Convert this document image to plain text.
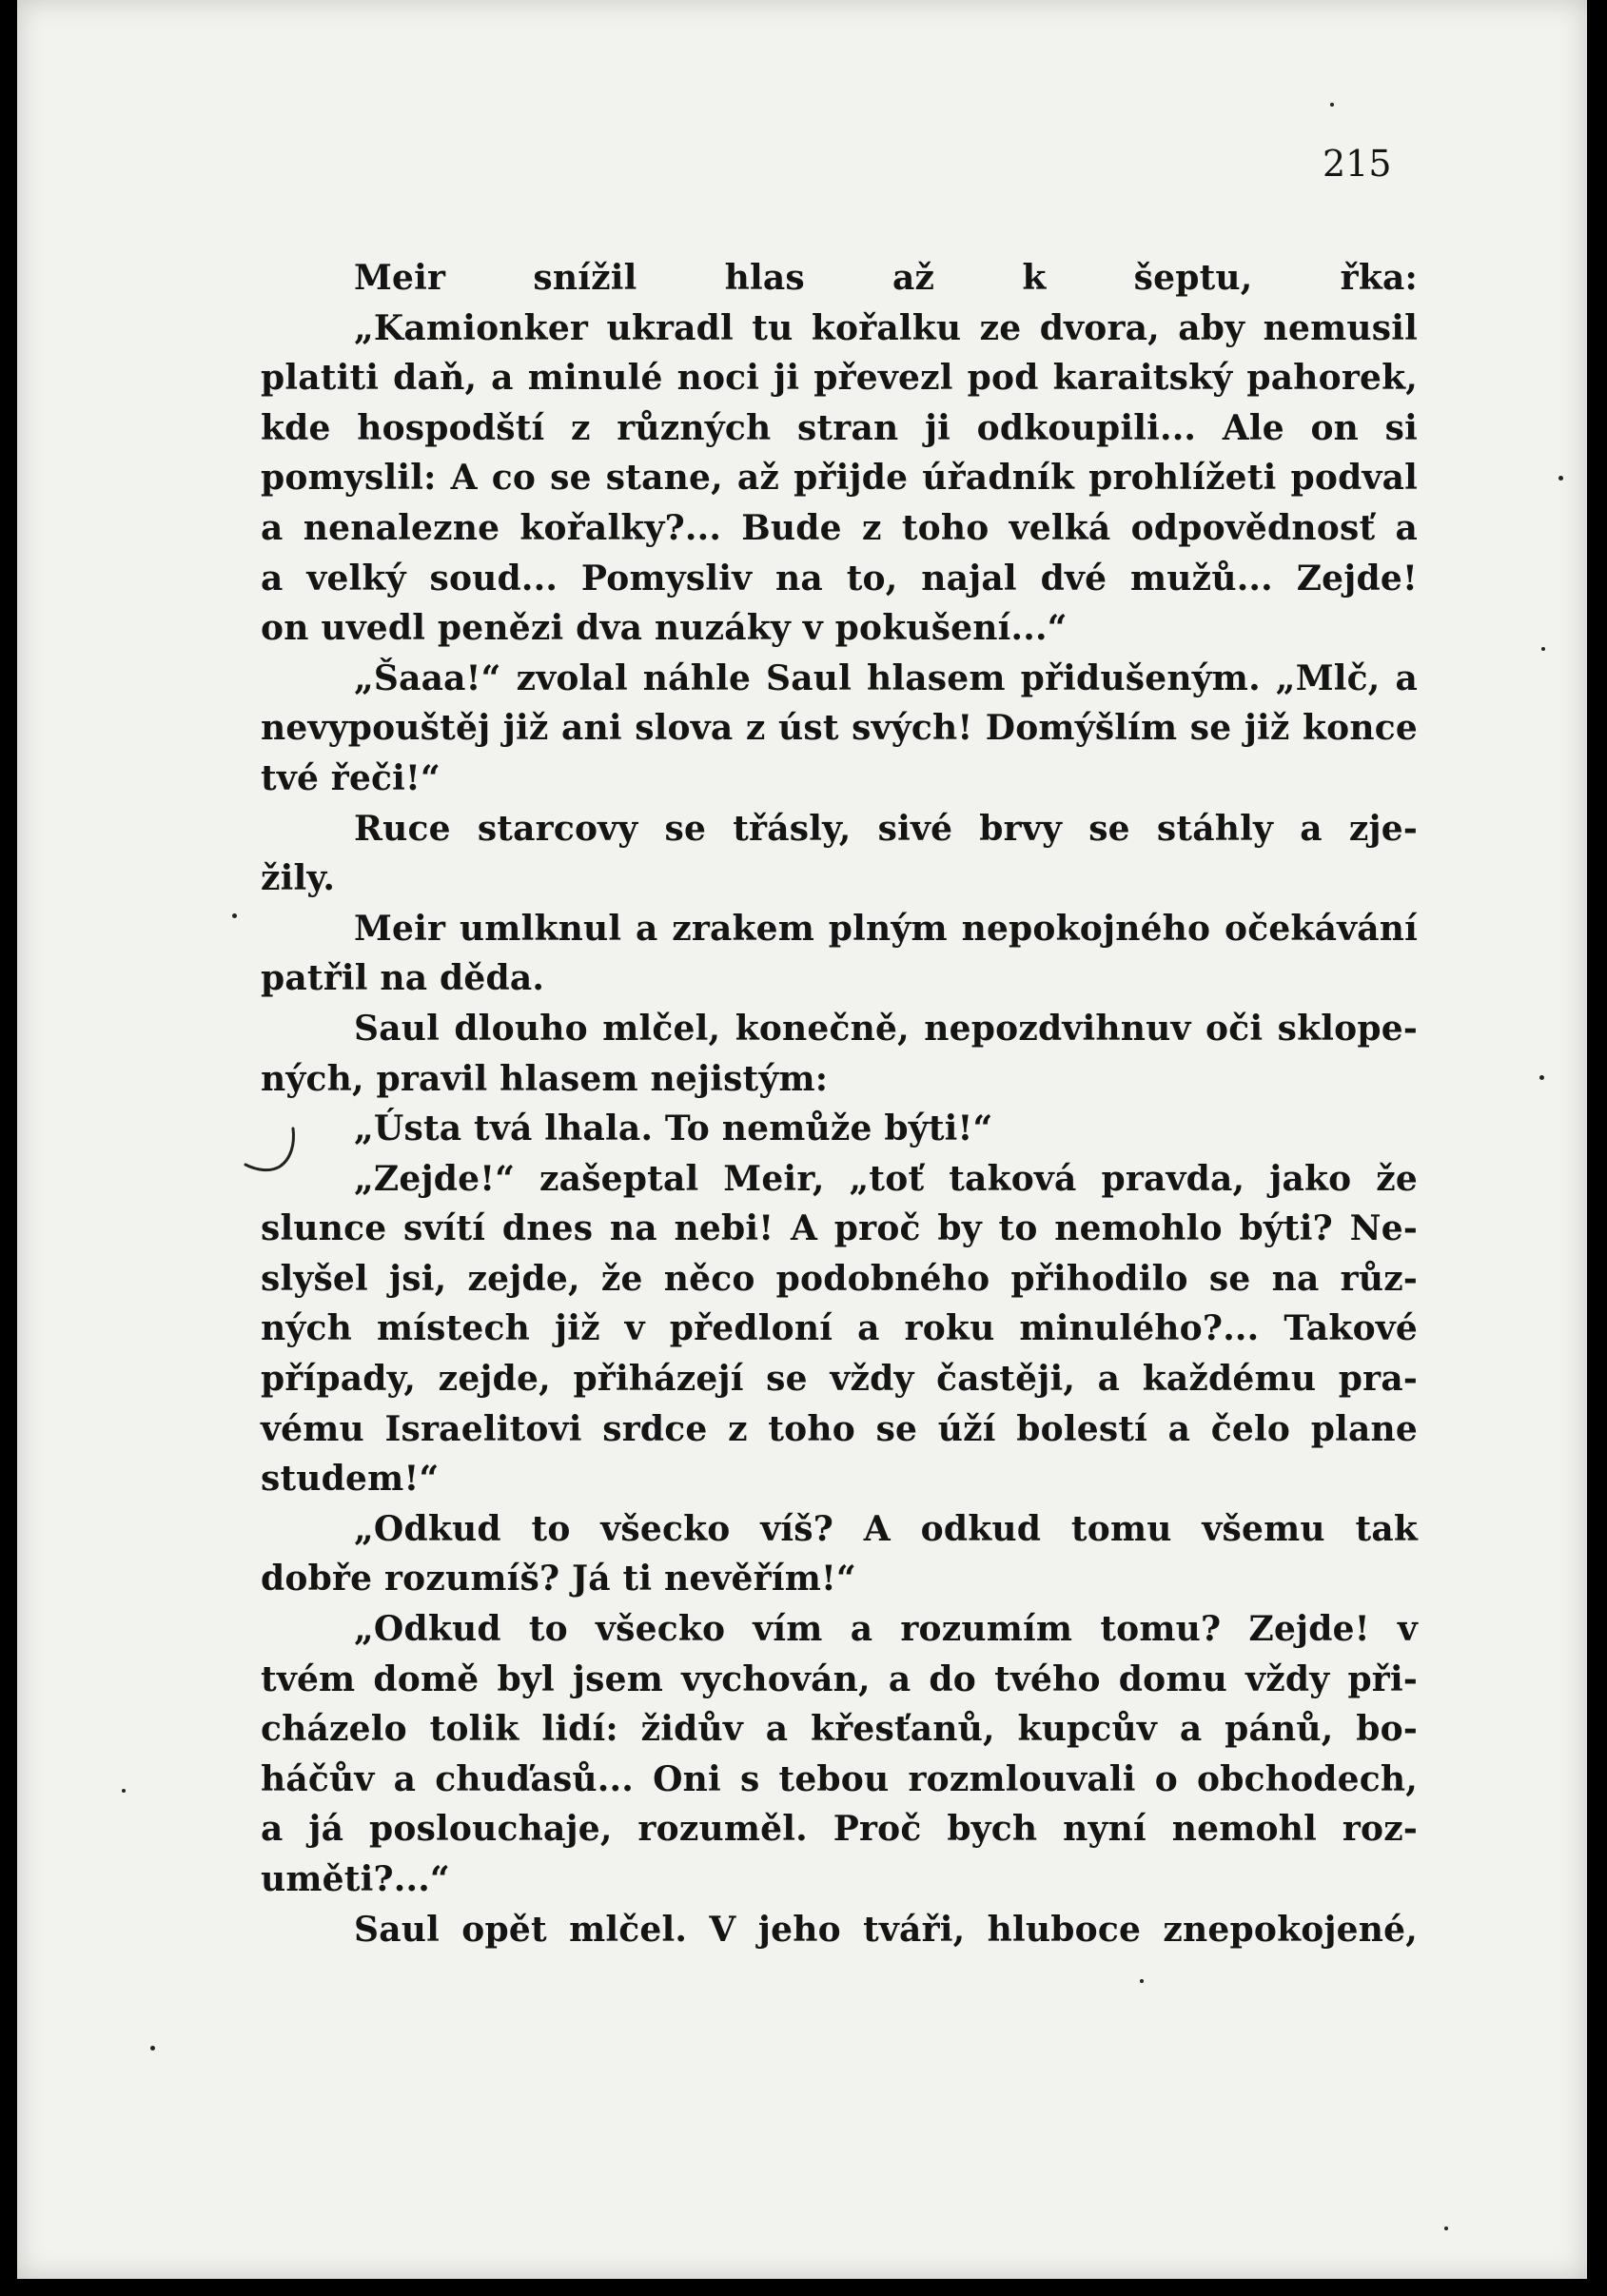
215
Meir snížil hlas až k šeptu, řka:
„Kamionker ukradl tu kořalku ze dvora, aby nemusil
platiti daň, a minulé noci ji převezl pod karaitský pahorek,
kde hospodští z různých stran ji odkoupili... Ale on si
pomyslil: A co se stane, až přijde úřadník prohlížeti podval
a nenalezne kořalky?... Bude z toho velká odpovědnosť a
a velký soud... Pomysliv na to, najal dvé mužů... Zejde!
on uvedl penězi dva nuzáky v pokušení...“
„Šaaa!“ zvolal náhle Saul hlasem přidušeným. „Mlč, a
nevypouštěj již ani slova z úst svých! Domýšlím se již konce
tvé řeči!“
Ruce starcovy se třásly, sivé brvy se stáhly a zje-
žily.
Meir umlknul a zrakem plným nepokojného očekávání
patřil na děda.
Saul dlouho mlčel, konečně, nepozdvihnuv oči sklope-
ných, pravil hlasem nejistým:
„Ústa tvá lhala. To nemůže býti!“
„Zejde!“ zašeptal Meir, „toť taková pravda, jako že
slunce svítí dnes na nebi! A proč by to nemohlo býti? Ne-
slyšel jsi, zejde, že něco podobného přihodilo se na růz-
ných místech již v předloní a roku minulého?... Takové
případy, zejde, přiházejí se vždy častěji, a každému pra-
vému Israelitovi srdce z toho se úží bolestí a čelo plane
studem!“
„Odkud to všecko víš? A odkud tomu všemu tak
dobře rozumíš? Já ti nevěřím!“
„Odkud to všecko vím a rozumím tomu? Zejde! v
tvém domě byl jsem vychován, a do tvého domu vždy při-
cházelo tolik lidí: židův a křesťanů, kupcův a pánů, bo-
háčův a chuďasů... Oni s tebou rozmlouvali o obchodech,
a já poslouchaje, rozuměl. Proč bych nyní nemohl roz-
uměti?...“
Saul opět mlčel. V jeho tváři, hluboce znepokojené,
